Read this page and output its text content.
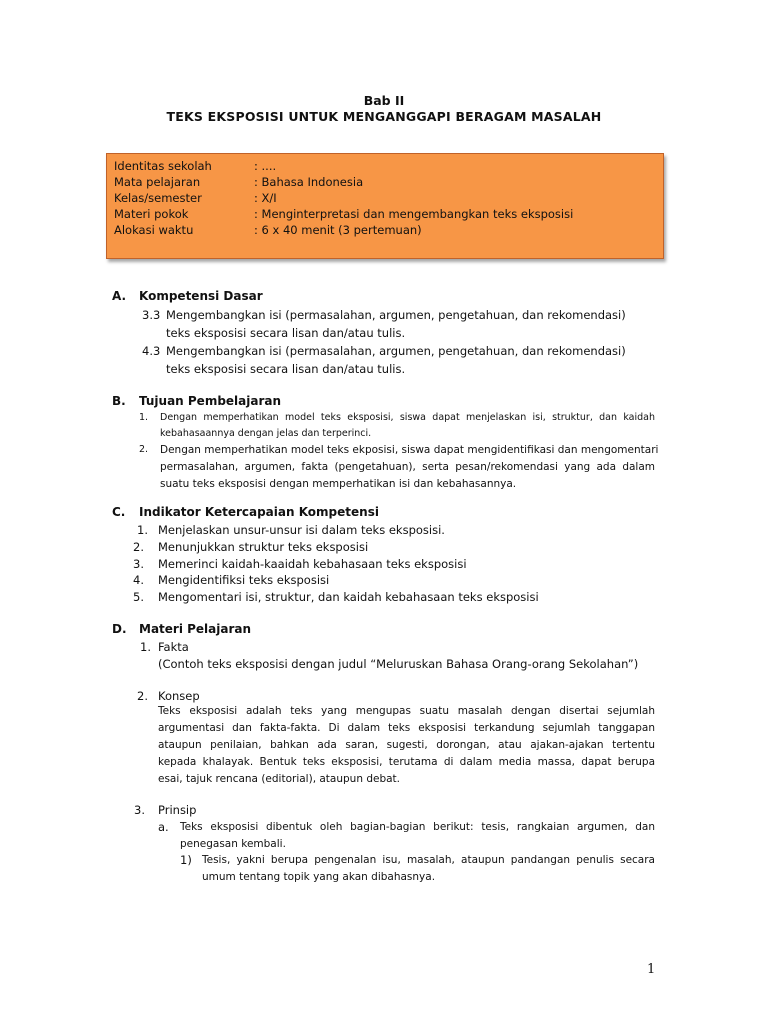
Bab II
TEKS EKSPOSISI UNTUK MENGANGGAPI BERAGAM MASALAH
Identitas sekolah	: ....
Mata pelajaran	: Bahasa Indonesia
Kelas/semester	: X/I
Materi pokok	: Menginterpretasi dan mengembangkan teks eksposisi
Alokasi waktu	: 6 x 40 menit (3 pertemuan)
A. Kompetensi Dasar
3.3 Mengembangkan isi (permasalahan, argumen, pengetahuan, dan rekomendasi)
teks eksposisi secara lisan dan/atau tulis.
4.3 Mengembangkan isi (permasalahan, argumen, pengetahuan, dan rekomendasi)
teks eksposisi secara lisan dan/atau tulis.
B. Tujuan Pembelajaran
1. Dengan memperhatikan model teks eksposisi, siswa dapat menjelaskan isi, struktur, dan kaidah
kebahasaannya dengan jelas dan terperinci.
2. Dengan memperhatikan model teks ekposisi, siswa dapat mengidentifikasi dan mengomentari
permasalahan, argumen, fakta (pengetahuan), serta pesan/rekomendasi yang ada dalam
suatu teks eksposisi dengan memperhatikan isi dan kebahasannya.
C. Indikator Ketercapaian Kompetensi
1. Menjelaskan unsur-unsur isi dalam teks eksposisi.
2. Menunjukkan struktur teks eksposisi
3. Memerinci kaidah-kaaidah kebahasaan teks eksposisi
4. Mengidentifiksi teks eksposisi
5. Mengomentari isi, struktur, dan kaidah kebahasaan teks eksposisi
D. Materi Pelajaran
1. Fakta
(Contoh teks eksposisi dengan judul “Meluruskan Bahasa Orang-orang Sekolahan”)
2. Konsep
Teks eksposisi adalah teks yang mengupas suatu masalah dengan disertai sejumlah
argumentasi dan fakta-fakta. Di dalam teks eksposisi terkandung sejumlah tanggapan
ataupun penilaian, bahkan ada saran, sugesti, dorongan, atau ajakan-ajakan tertentu
kepada khalayak. Bentuk teks eksposisi, terutama di dalam media massa, dapat berupa
esai, tajuk rencana (editorial), ataupun debat.
3. Prinsip
a. Teks eksposisi dibentuk oleh bagian-bagian berikut: tesis, rangkaian argumen, dan
penegasan kembali.
1) Tesis, yakni berupa pengenalan isu, masalah, ataupun pandangan penulis secara
umum tentang topik yang akan dibahasnya.
1
